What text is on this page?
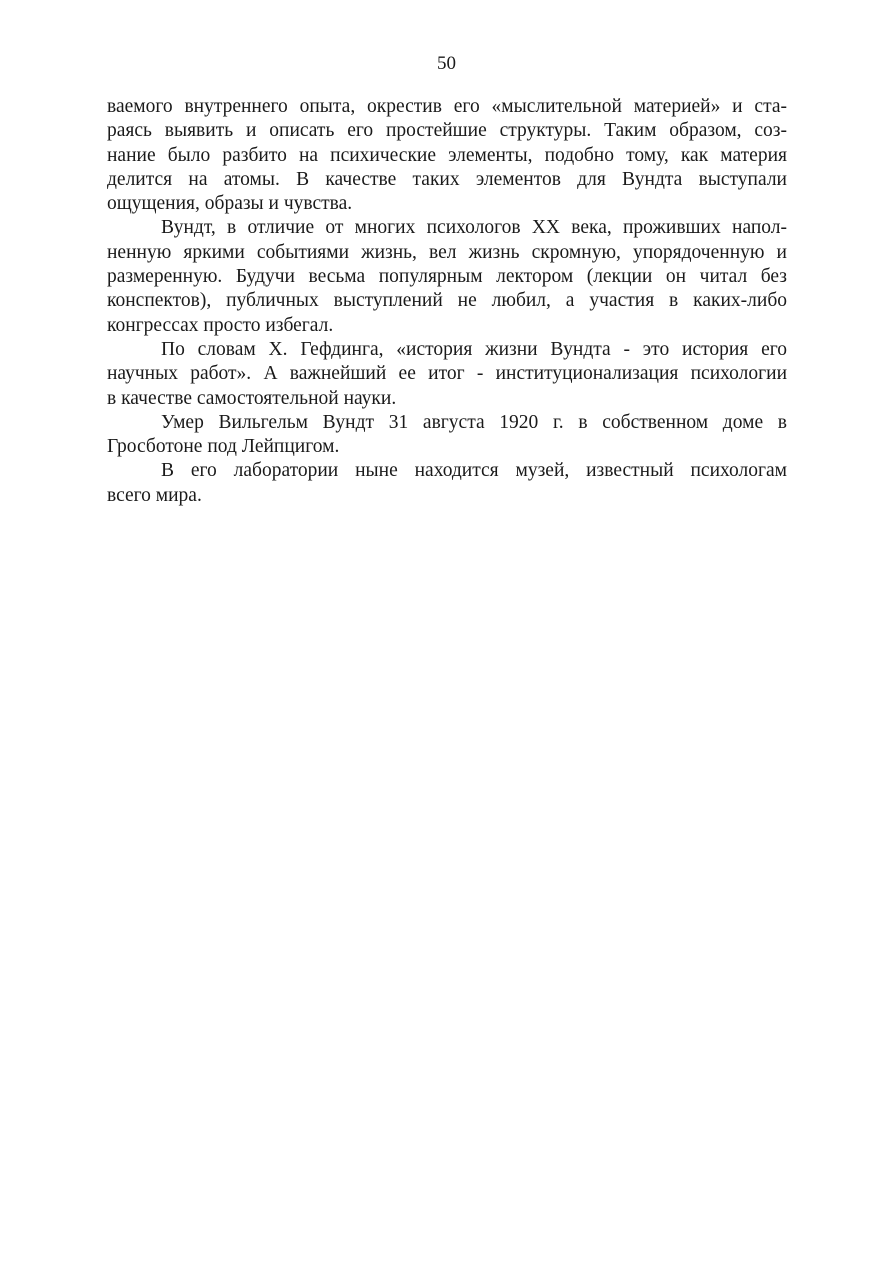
50
ваемого внутреннего опыта, окрестив его «мыслительной материей» и ста-
раясь выявить и описать его простейшие структуры. Таким образом, соз-
нание было разбито на психические элементы, подобно тому, как материя
делится на атомы. В качестве таких элементов для Вундта выступали
ощущения, образы и чувства.
Вундт, в отличие от многих психологов XX века, проживших напол-
ненную яркими событиями жизнь, вел жизнь скромную, упорядоченную и
размеренную. Будучи весьма популярным лектором (лекции он читал без
конспектов), публичных выступлений не любил, а участия в каких-либо
конгрессах просто избегал.
По словам Х. Гефдинга, «история жизни Вундта - это история его
научных работ». А важнейший ее итог - институционализация психологии
в качестве самостоятельной науки.
Умер Вильгельм Вундт 31 августа 1920 г. в собственном доме в
Гросботоне под Лейпцигом.
В его лаборатории ныне находится музей, известный психологам
всего мира.
